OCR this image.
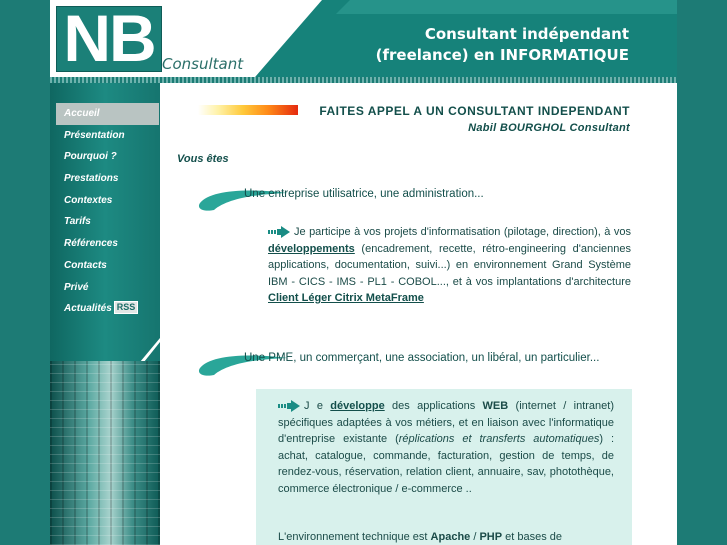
NB Consultant
Consultant indépendant
(freelance) en INFORMATIQUE
Accueil
Présentation
Pourquoi ?
Prestations
Contextes
Tarifs
Références
Contacts
Privé
Actualités RSS
FAITES APPEL A UN CONSULTANT INDEPENDANT
Nabil BOURGHOL Consultant
Vous êtes
Une entreprise utilisatrice, une administration...
Je participe à vos projets d'informatisation (pilotage, direction), à vos développements (encadrement, recette, rétro-engineering d'anciennes applications, documentation, suivi...) en environnement Grand Système IBM - CICS - IMS - PL1 - COBOL..., et à vos implantations d'architecture Client Léger Citrix MetaFrame
Une PME, un commerçant, une association, un libéral, un particulier...
J e développe des applications WEB (internet / intranet) spécifiques adaptées à vos métiers, et en liaison avec l'informatique d'entreprise existante (réplications et transferts automatiques) : achat, catalogue, commande, facturation, gestion de temps, de rendez-vous, réservation, relation client, annuaire, sav, photothèque, commerce électronique / e-commerce ..
L'environnement technique est Apache / PHP et bases de
